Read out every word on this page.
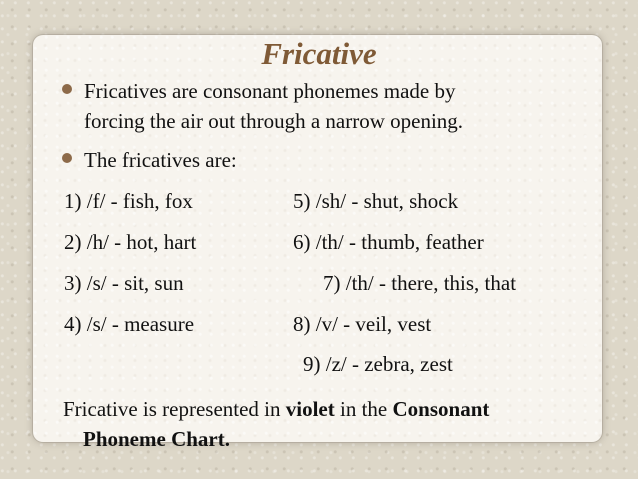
Fricative
Fricatives are consonant phonemes made by
forcing the air out through a narrow opening.
The fricatives are:
1) /f/ - fish, fox
2) /h/ - hot, hart
3) /s/ - sit, sun
4) /s/ - measure
5) /sh/ - shut, shock
6) /th/ - thumb, feather
7) /th/ - there, this, that
8) /v/ - veil, vest
9) /z/ - zebra, zest
Fricative is represented in violet in the Consonant
Phoneme Chart.
